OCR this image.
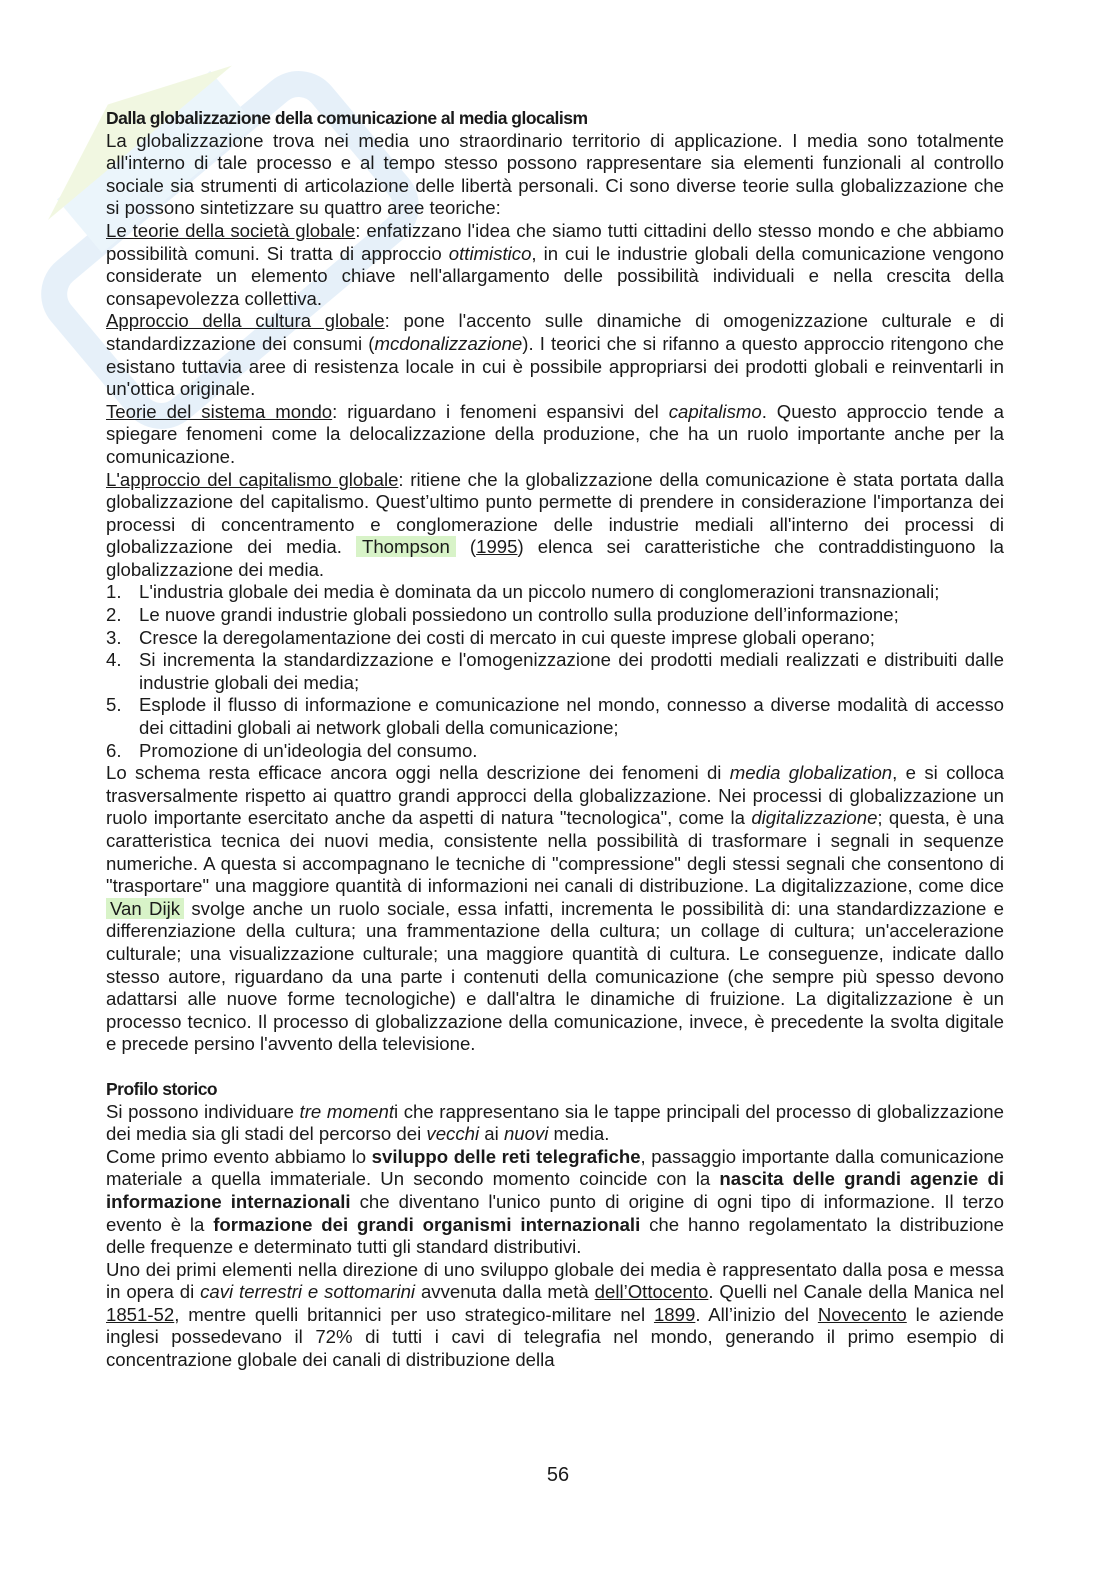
Dalla globalizzazione della comunicazione al media glocalism

La globalizzazione trova nei media uno straordinario territorio di applicazione. I media sono totalmente all'interno di tale processo e al tempo stesso possono rappresentare sia elementi funzionali al controllo sociale sia strumenti di articolazione delle libertà personali. Ci sono diverse teorie sulla globalizzazione che si possono sintetizzare su quattro aree teoriche:

Le teorie della società globale: enfatizzano l'idea che siamo tutti cittadini dello stesso mondo e che abbiamo possibilità comuni. Si tratta di approccio ottimistico, in cui le industrie globali della comunicazione vengono considerate un elemento chiave nell'allargamento delle possibilità individuali e nella crescita della consapevolezza collettiva.

Approccio della cultura globale: pone l'accento sulle dinamiche di omogenizzazione culturale e di standardizzazione dei consumi (mcdonalizzazione). I teorici che si rifanno a questo approccio ritengono che esistano tuttavia aree di resistenza locale in cui è possibile appropriarsi dei prodotti globali e reinventarli in un'ottica originale.

Teorie del sistema mondo: riguardano i fenomeni espansivi del capitalismo. Questo approccio tende a spiegare fenomeni come la delocalizzazione della produzione, che ha un ruolo importante anche per la comunicazione.

L'approccio del capitalismo globale: ritiene che la globalizzazione della comunicazione è stata portata dalla globalizzazione del capitalismo. Quest’ultimo punto permette di prendere in considerazione l'importanza dei processi di concentramento e conglomerazione delle industrie mediali all'interno dei processi di globalizzazione dei media. Thompson (1995) elenca sei caratteristiche che contraddistinguono la globalizzazione dei media.

1. L'industria globale dei media è dominata da un piccolo numero di conglomerazioni transnazionali;
2. Le nuove grandi industrie globali possiedono un controllo sulla produzione dell’informazione;
3. Cresce la deregolamentazione dei costi di mercato in cui queste imprese globali operano;
4. Si incrementa la standardizzazione e l'omogenizzazione dei prodotti mediali realizzati e distribuiti dalle industrie globali dei media;
5. Esplode il flusso di informazione e comunicazione nel mondo, connesso a diverse modalità di accesso dei cittadini globali ai network globali della comunicazione;
6. Promozione di un'ideologia del consumo.

Lo schema resta efficace ancora oggi nella descrizione dei fenomeni di media globalization, e si colloca trasversalmente rispetto ai quattro grandi approcci della globalizzazione. Nei processi di globalizzazione un ruolo importante esercitato anche da aspetti di natura "tecnologica", come la digitalizzazione; questa, è una caratteristica tecnica dei nuovi media, consistente nella possibilità di trasformare i segnali in sequenze numeriche. A questa si accompagnano le tecniche di "compressione" degli stessi segnali che consentono di "trasportare" una maggiore quantità di informazioni nei canali di distribuzione. La digitalizzazione, come dice Van Dijk svolge anche un ruolo sociale, essa infatti, incrementa le possibilità di: una standardizzazione e differenziazione della cultura; una frammentazione della cultura; un collage di cultura; un'accelerazione culturale; una visualizzazione culturale; una maggiore quantità di cultura. Le conseguenze, indicate dallo stesso autore, riguardano da una parte i contenuti della comunicazione (che sempre più spesso devono adattarsi alle nuove forme tecnologiche) e dall'altra le dinamiche di fruizione. La digitalizzazione è un processo tecnico. Il processo di globalizzazione della comunicazione, invece, è precedente la svolta digitale e precede persino l'avvento della televisione.

Profilo storico

Si possono individuare tre momenti che rappresentano sia le tappe principali del processo di globalizzazione dei media sia gli stadi del percorso dei vecchi ai nuovi media.

Come primo evento abbiamo lo sviluppo delle reti telegrafiche, passaggio importante dalla comunicazione materiale a quella immateriale. Un secondo momento coincide con la nascita delle grandi agenzie di informazione internazionali che diventano l'unico punto di origine di ogni tipo di informazione. Il terzo evento è la formazione dei grandi organismi internazionali che hanno regolamentato la distribuzione delle frequenze e determinato tutti gli standard distributivi.

Uno dei primi elementi nella direzione di uno sviluppo globale dei media è rappresentato dalla posa e messa in opera di cavi terrestri e sottomarini avvenuta dalla metà dell’Ottocento. Quelli nel Canale della Manica nel 1851-52, mentre quelli britannici per uso strategico-militare nel 1899. All’inizio del Novecento le aziende inglesi possedevano il 72% di tutti i cavi di telegrafia nel mondo, generando il primo esempio di concentrazione globale dei canali di distribuzione della

56
